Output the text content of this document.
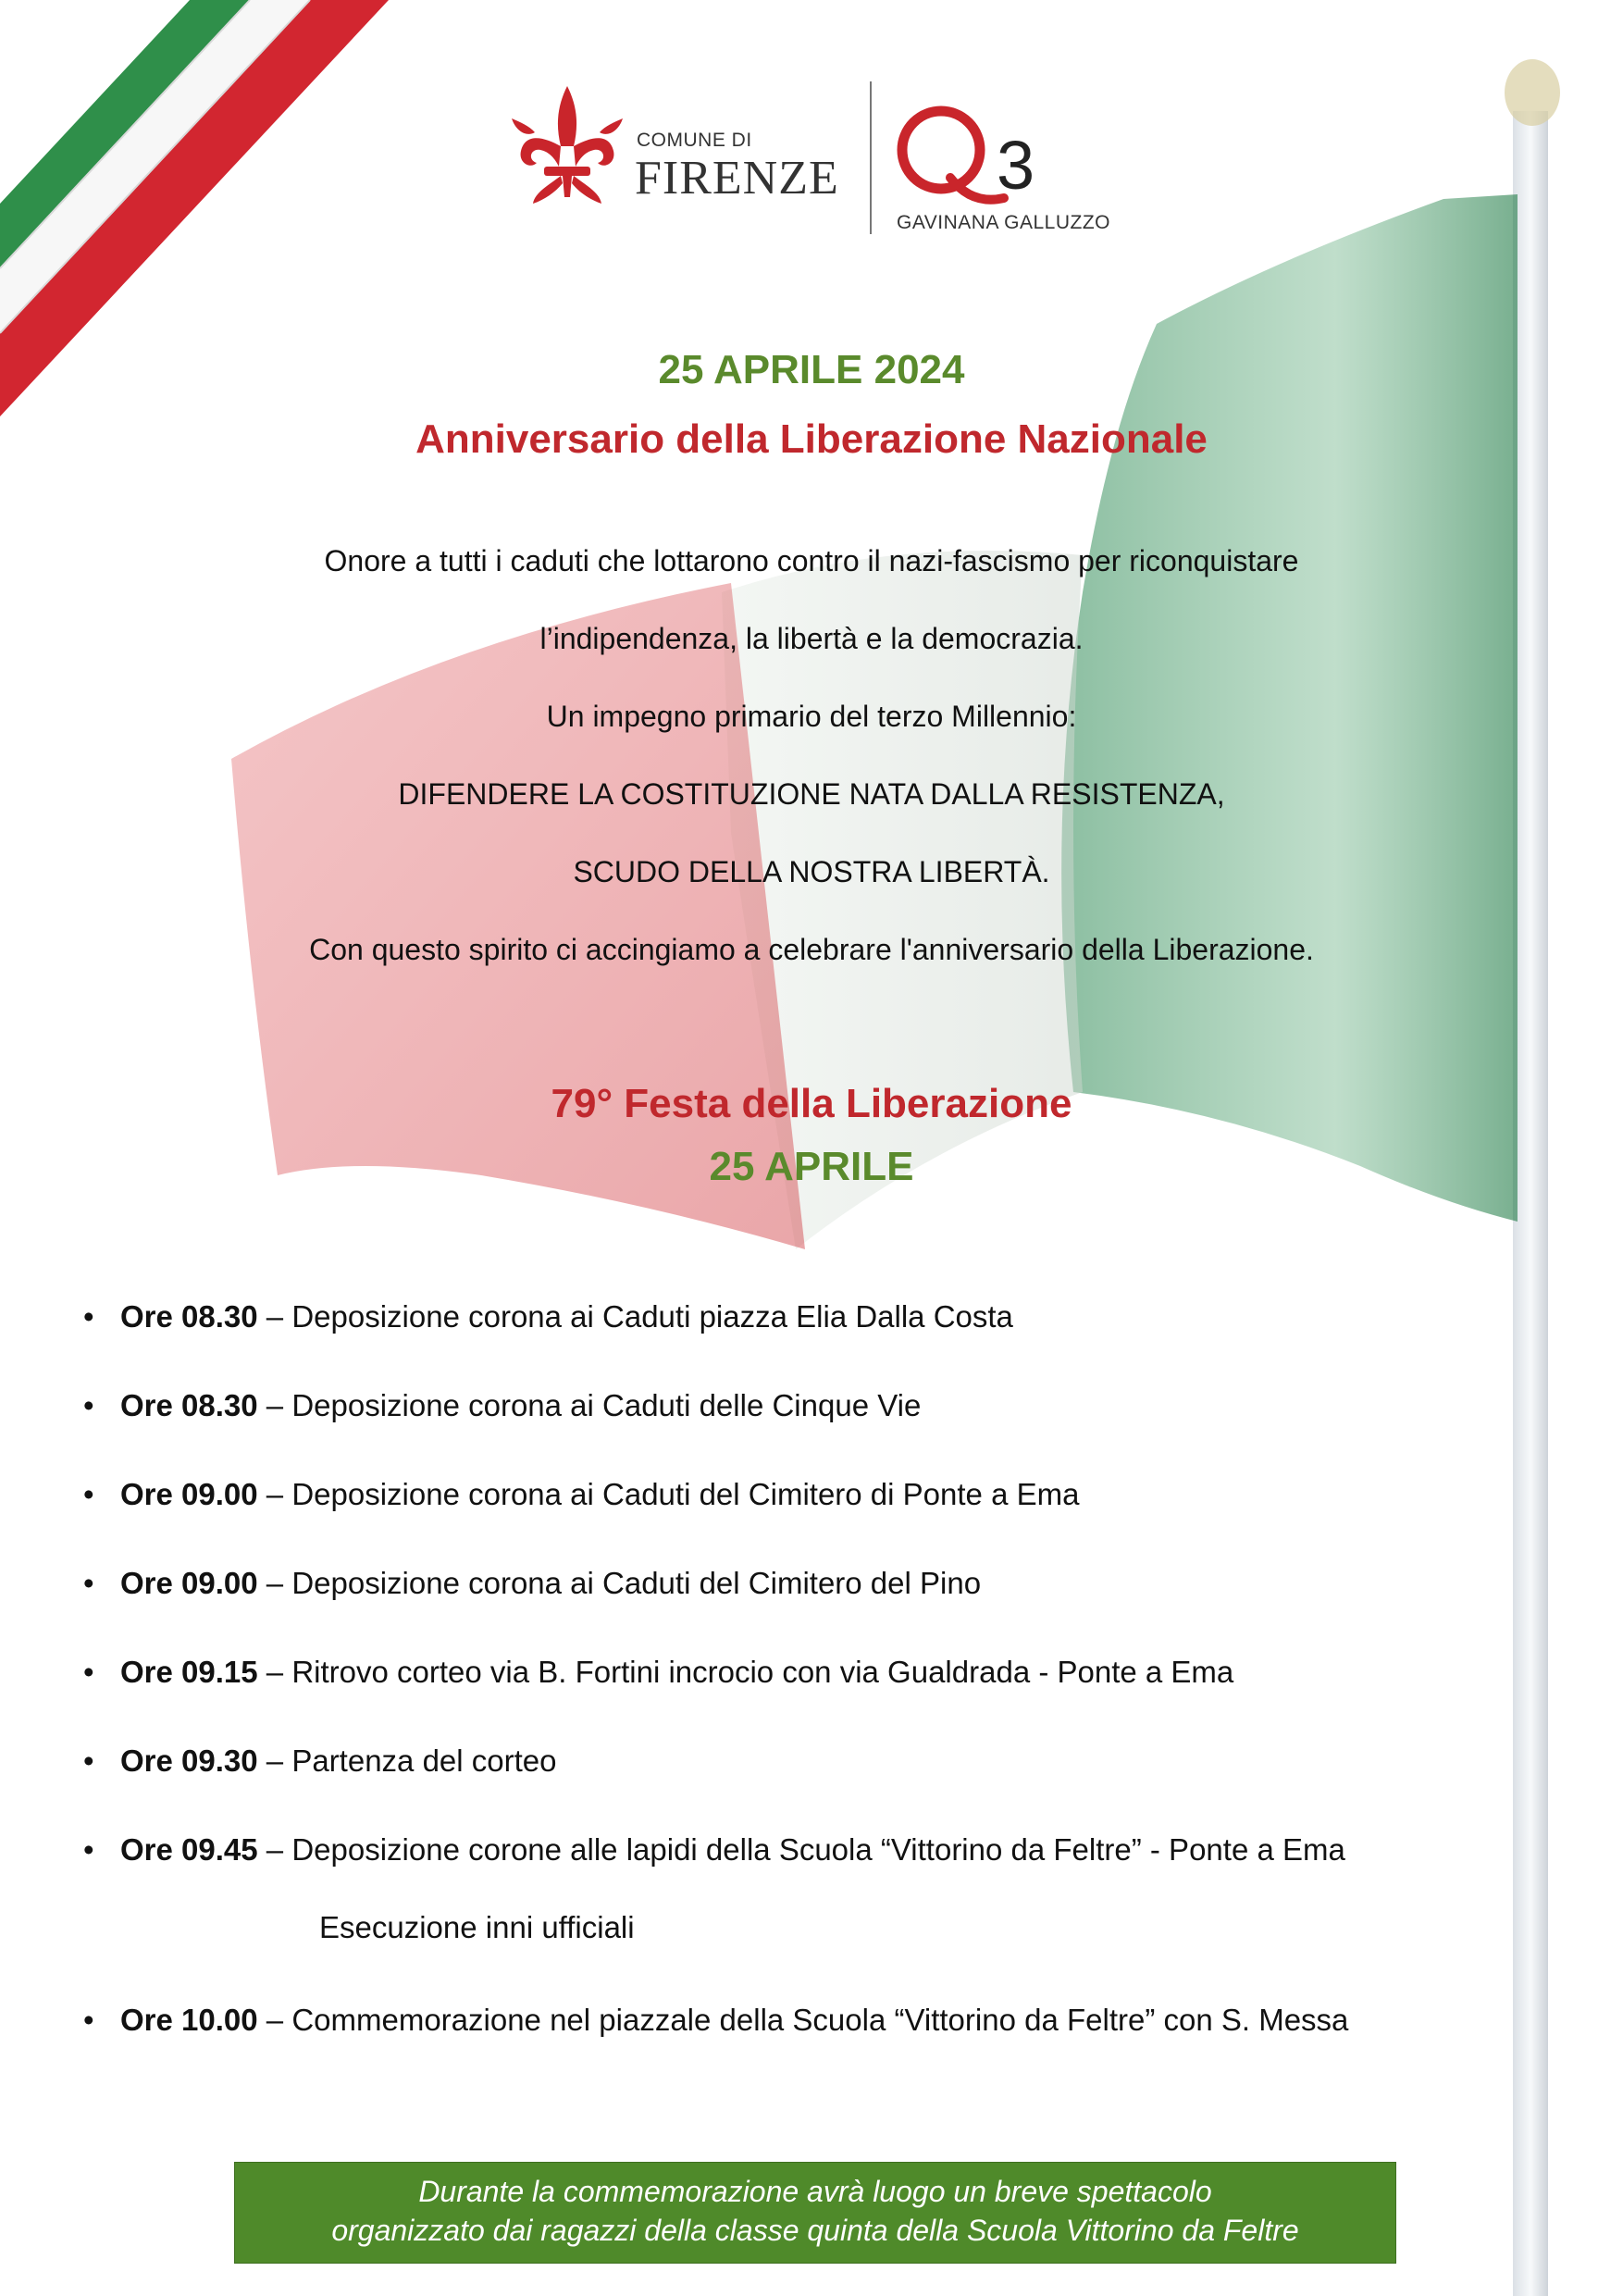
COMUNE DI
FIRENZE 3
GAVINANA GALLUZZO
25 APRILE 2024
Anniversario della Liberazione Nazionale
Onore a tutti i caduti che lottarono contro il nazi-fascismo per riconquistare
l’indipendenza, la libertà e la democrazia.
Un impegno primario del terzo Millennio:
DIFENDERE LA COSTITUZIONE NATA DALLA RESISTENZA,
SCUDO DELLA NOSTRA LIBERTÀ.
Con questo spirito ci accingiamo a celebrare l'anniversario della Liberazione.
79° Festa della Liberazione
25 APRILE
• Ore 08.30 – Deposizione corona ai Caduti piazza Elia Dalla Costa
• Ore 08.30 – Deposizione corona ai Caduti delle Cinque Vie
• Ore 09.00 – Deposizione corona ai Caduti del Cimitero di Ponte a Ema
• Ore 09.00 – Deposizione corona ai Caduti del Cimitero del Pino
• Ore 09.15 – Ritrovo corteo via B. Fortini incrocio con via Gualdrada - Ponte a Ema
• Ore 09.30 – Partenza del corteo
• Ore 09.45 – Deposizione corone alle lapidi della Scuola “Vittorino da Feltre” - Ponte a Ema
Esecuzione inni ufficiali
• Ore 10.00 – Commemorazione nel piazzale della Scuola “Vittorino da Feltre” con S. Messa
Durante la commemorazione avrà luogo un breve spettacolo
organizzato dai ragazzi della classe quinta della Scuola Vittorino da Feltre
